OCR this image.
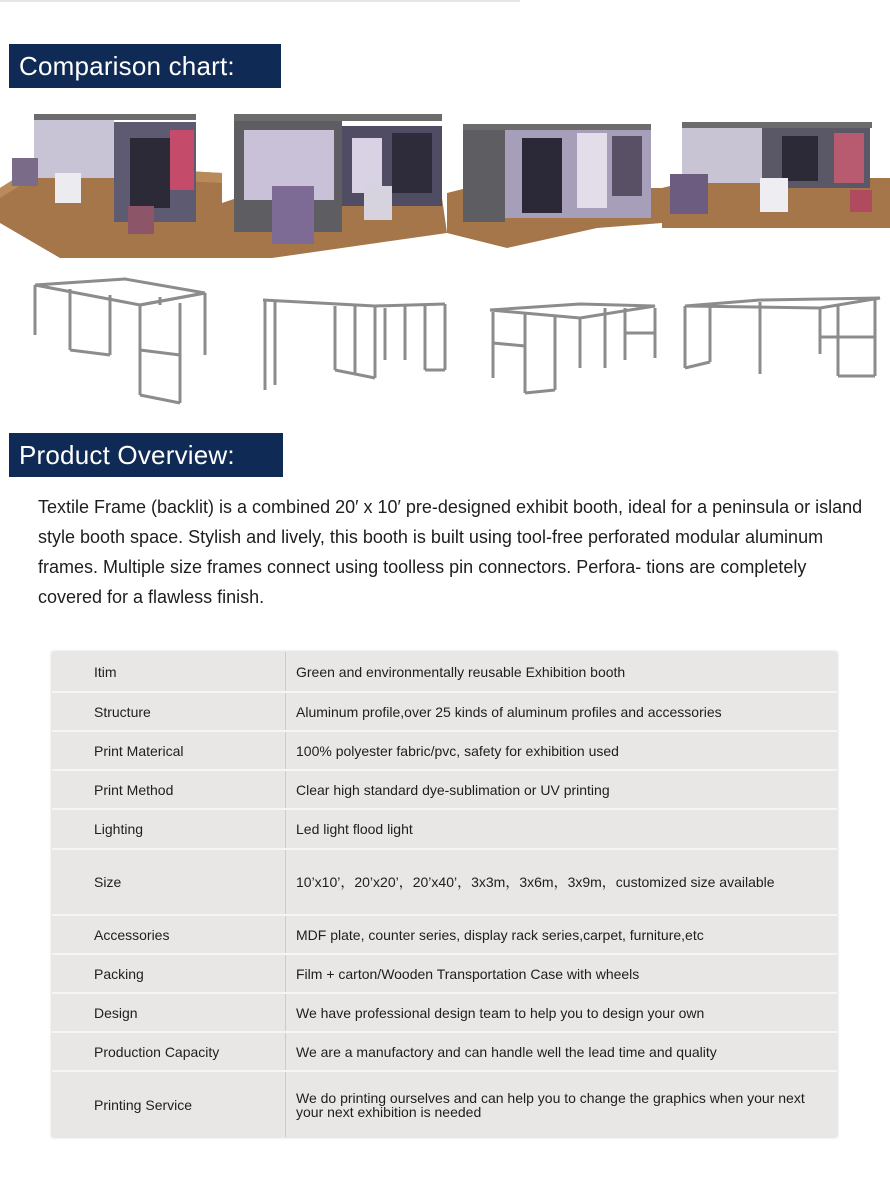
Comparison chart:
Product Overview:

Textile Frame (backlit) is a combined 20′ x 10′ pre-designed exhibit booth, ideal for a peninsula or island style booth space. Stylish and lively, this booth is built using tool-free perforated modular aluminum frames. Multiple size frames connect using toolless pin connectors. Perfora- tions are completely covered for a flawless finish.

Itim	Green and environmentally reusable Exhibition booth
Structure	Aluminum profile,over 25 kinds of aluminum profiles and accessories
Print Materical	100% polyester fabric/pvc, safety for exhibition used
Print Method	Clear high standard dye-sublimation or UV printing
Lighting	Led light flood light
Size	10’x10’，20’x20’，20’x40’，3x3m，3x6m，3x9m，customized size available
Accessories	MDF plate, counter series, display rack series,carpet, furniture,etc
Packing	Film + carton/Wooden Transportation Case with wheels
Design	We have professional design team to help you to design your own
Production Capacity	We are a manufactory and can handle well the lead time and quality
Printing Service	We do printing ourselves and can help you to change the graphics when your next your next exhibition is needed
